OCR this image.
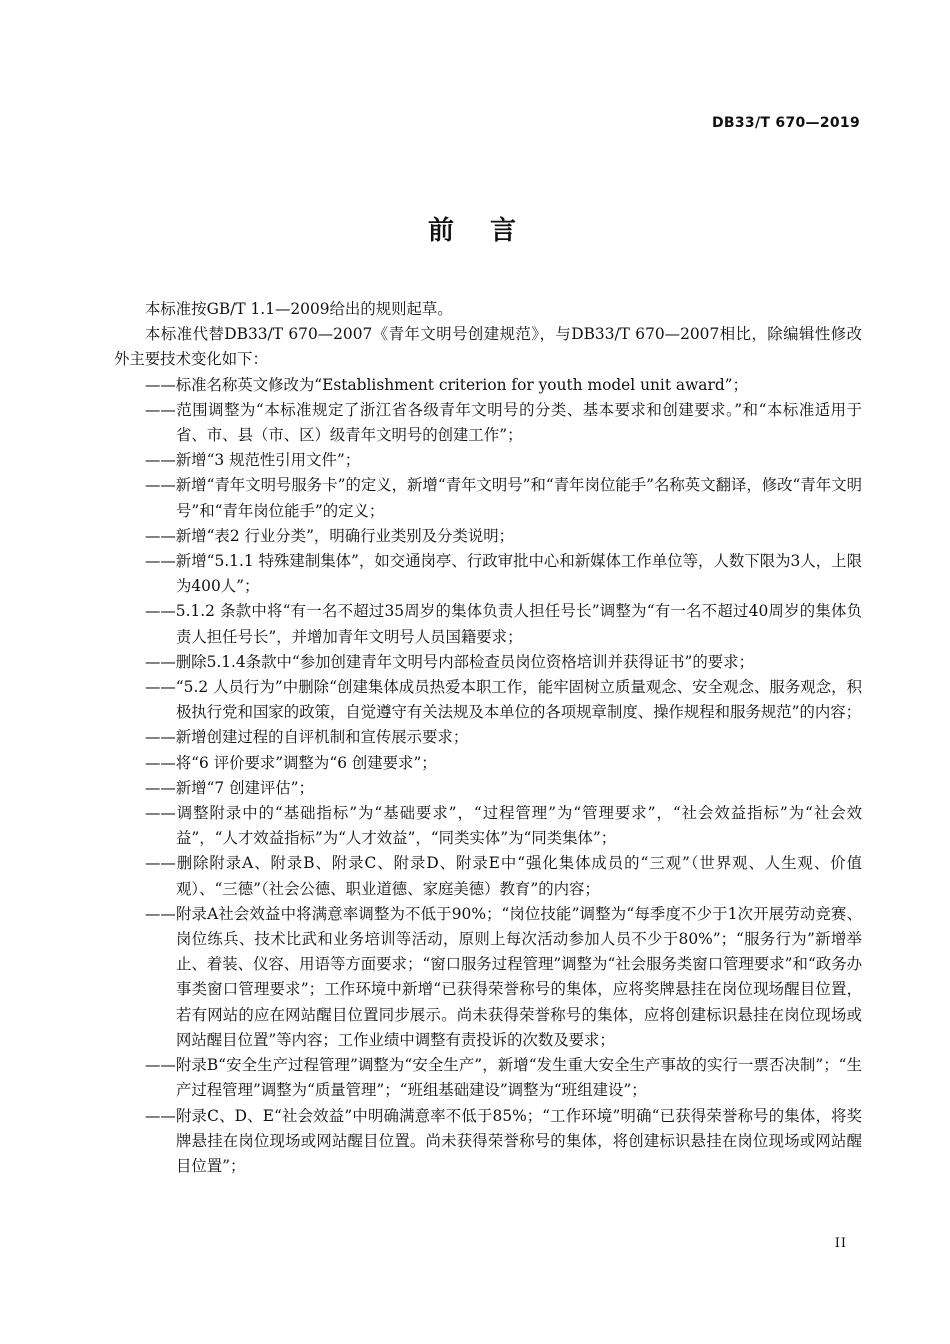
DB33/T 670—2019
前言

本标准按GB/T 1.1—2009给出的规则起草。

本标准代替DB33/T 670—2007《青年文明号创建规范》，与DB33/T 670—2007相比，除编辑性修改外主要技术变化如下：

—— 标准名称英文修改为“Establishment criterion for youth model unit award”；
—— 范围调整为“本标准规定了浙江省各级青年文明号的分类、基本要求和创建要求。”和“本标准适用于省、市、县（市、区）级青年文明号的创建工作”；
—— 新增“3 规范性引用文件”；
—— 新增“青年文明号服务卡”的定义，新增“青年文明号”和“青年岗位能手”名称英文翻译，修改“青年文明号”和“青年岗位能手”的定义；
—— 新增“表2 行业分类”，明确行业类别及分类说明；
—— 新增“5.1.1 特殊建制集体”，如交通岗亭、行政审批中心和新媒体工作单位等，人数下限为3人，上限为400人”；
—— 5.1.2 条款中将“有一名不超过35周岁的集体负责人担任号长”调整为“有一名不超过40周岁的集体负责人担任号长”，并增加青年文明号人员国籍要求；
—— 删除5.1.4条款中“参加创建青年文明号内部检查员岗位资格培训并获得证书”的要求；
—— “5.2 人员行为”中删除“创建集体成员热爱本职工作，能牢固树立质量观念、安全观念、服务观念，积极执行党和国家的政策，自觉遵守有关法规及本单位的各项规章制度、操作规程和服务规范”的内容；
—— 新增创建过程的自评机制和宣传展示要求；
—— 将“6 评价要求”调整为“6 创建要求”；
—— 新增“7 创建评估”；
—— 调整附录中的“基础指标”为“基础要求”，“过程管理”为“管理要求”，“社会效益指标”为“社会效益”，“人才效益指标”为“人才效益”，“同类实体”为“同类集体”；
—— 删除附录A、附录B、附录C、附录D、附录E中“强化集体成员的“三观”（世界观、人生观、价值观）、“三德”（社会公德、职业道德、家庭美德）教育”的内容；
—— 附录A社会效益中将满意率调整为不低于90%；“岗位技能”调整为“每季度不少于1次开展劳动竞赛、岗位练兵、技术比武和业务培训等活动，原则上每次活动参加人员不少于80%”；“服务行为”新增举止、着装、仪容、用语等方面要求；“窗口服务过程管理”调整为“社会服务类窗口管理要求”和“政务办事类窗口管理要求”；工作环境中新增“已获得荣誉称号的集体，应将奖牌悬挂在岗位现场醒目位置，若有网站的应在网站醒目位置同步展示。尚未获得荣誉称号的集体，应将创建标识悬挂在岗位现场或网站醒目位置”等内容；工作业绩中调整有责投诉的次数及要求；
—— 附录B“安全生产过程管理”调整为“安全生产”，新增“发生重大安全生产事故的实行一票否决制”；“生产过程管理”调整为“质量管理”；“班组基础建设”调整为“班组建设”；
—— 附录C、D、E“社会效益”中明确满意率不低于85%；“工作环境”明确“已获得荣誉称号的集体，将奖牌悬挂在岗位现场或网站醒目位置。尚未获得荣誉称号的集体，将创建标识悬挂在岗位现场或网站醒目位置”；
II
